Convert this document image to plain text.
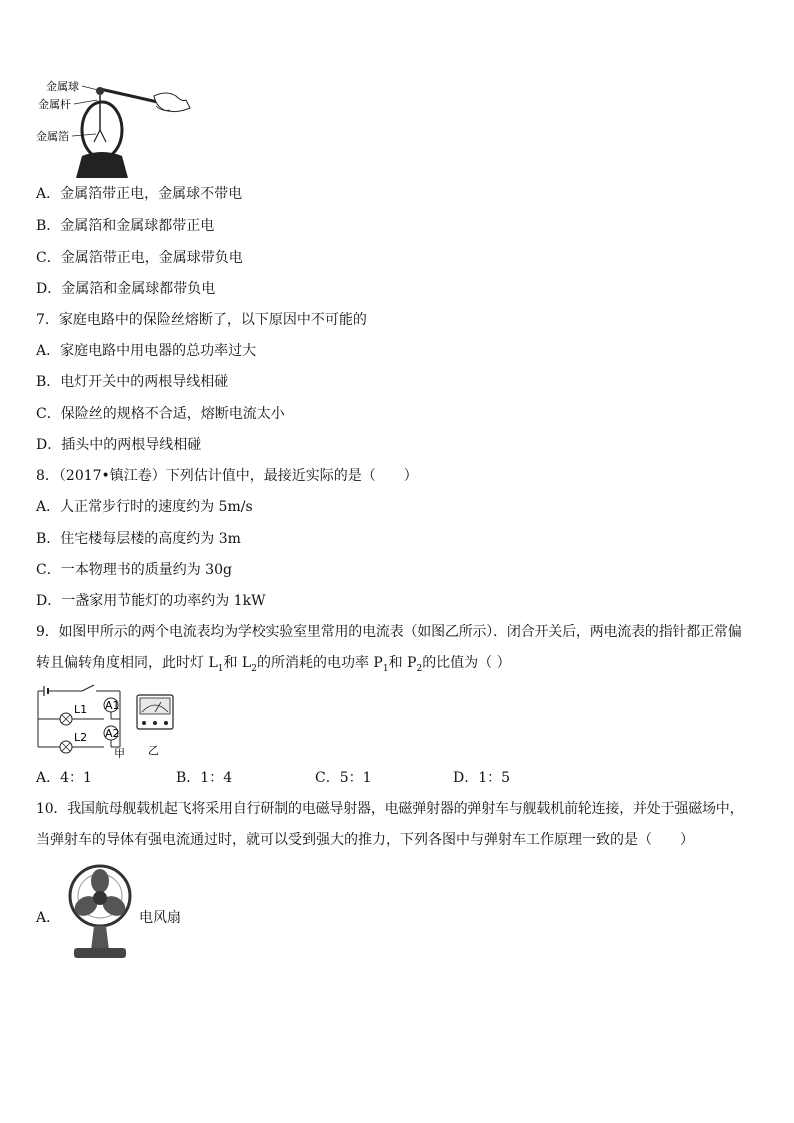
金属球
金属杆
金属箔
A．金属箔带正电，金属球不带电
B．金属箔和金属球都带正电
C．金属箔带正电，金属球带负电
D．金属箔和金属球都带负电
7．家庭电路中的保险丝熔断了，以下原因中不可能的
A．家庭电路中用电器的总功率过大
B．电灯开关中的两根导线相碰
C．保险丝的规格不合适，熔断电流太小
D．插头中的两根导线相碰
8．（2017•镇江卷）下列估计值中，最接近实际的是（　　）
A．人正常步行时的速度约为 5m/s
B．住宅楼每层楼的高度约为 3m
C．一本物理书的质量约为 30g
D．一盏家用节能灯的功率约为 1kW
9．如图甲所示的两个电流表均为学校实验室里常用的电流表（如图乙所示）．闭合开关后，两电流表的指针都正常偏
转且偏转角度相同，此时灯 $L_1$和 $L_2$的所消耗的电功率 $P_1$和 $P_2$的比值为（ ）
A1
L1
A2
L2
甲 乙
A．4：1	B．1：4	C．5：1	D．1：5
10．我国航母舰载机起飞将采用自行研制的电磁导射器，电磁弹射器的弹射车与舰载机前轮连接，并处于强磁场中，
当弹射车的导体有强电流通过时，就可以受到强大的推力，下列各图中与弹射车工作原理一致的是（　　）
A．	电风扇
